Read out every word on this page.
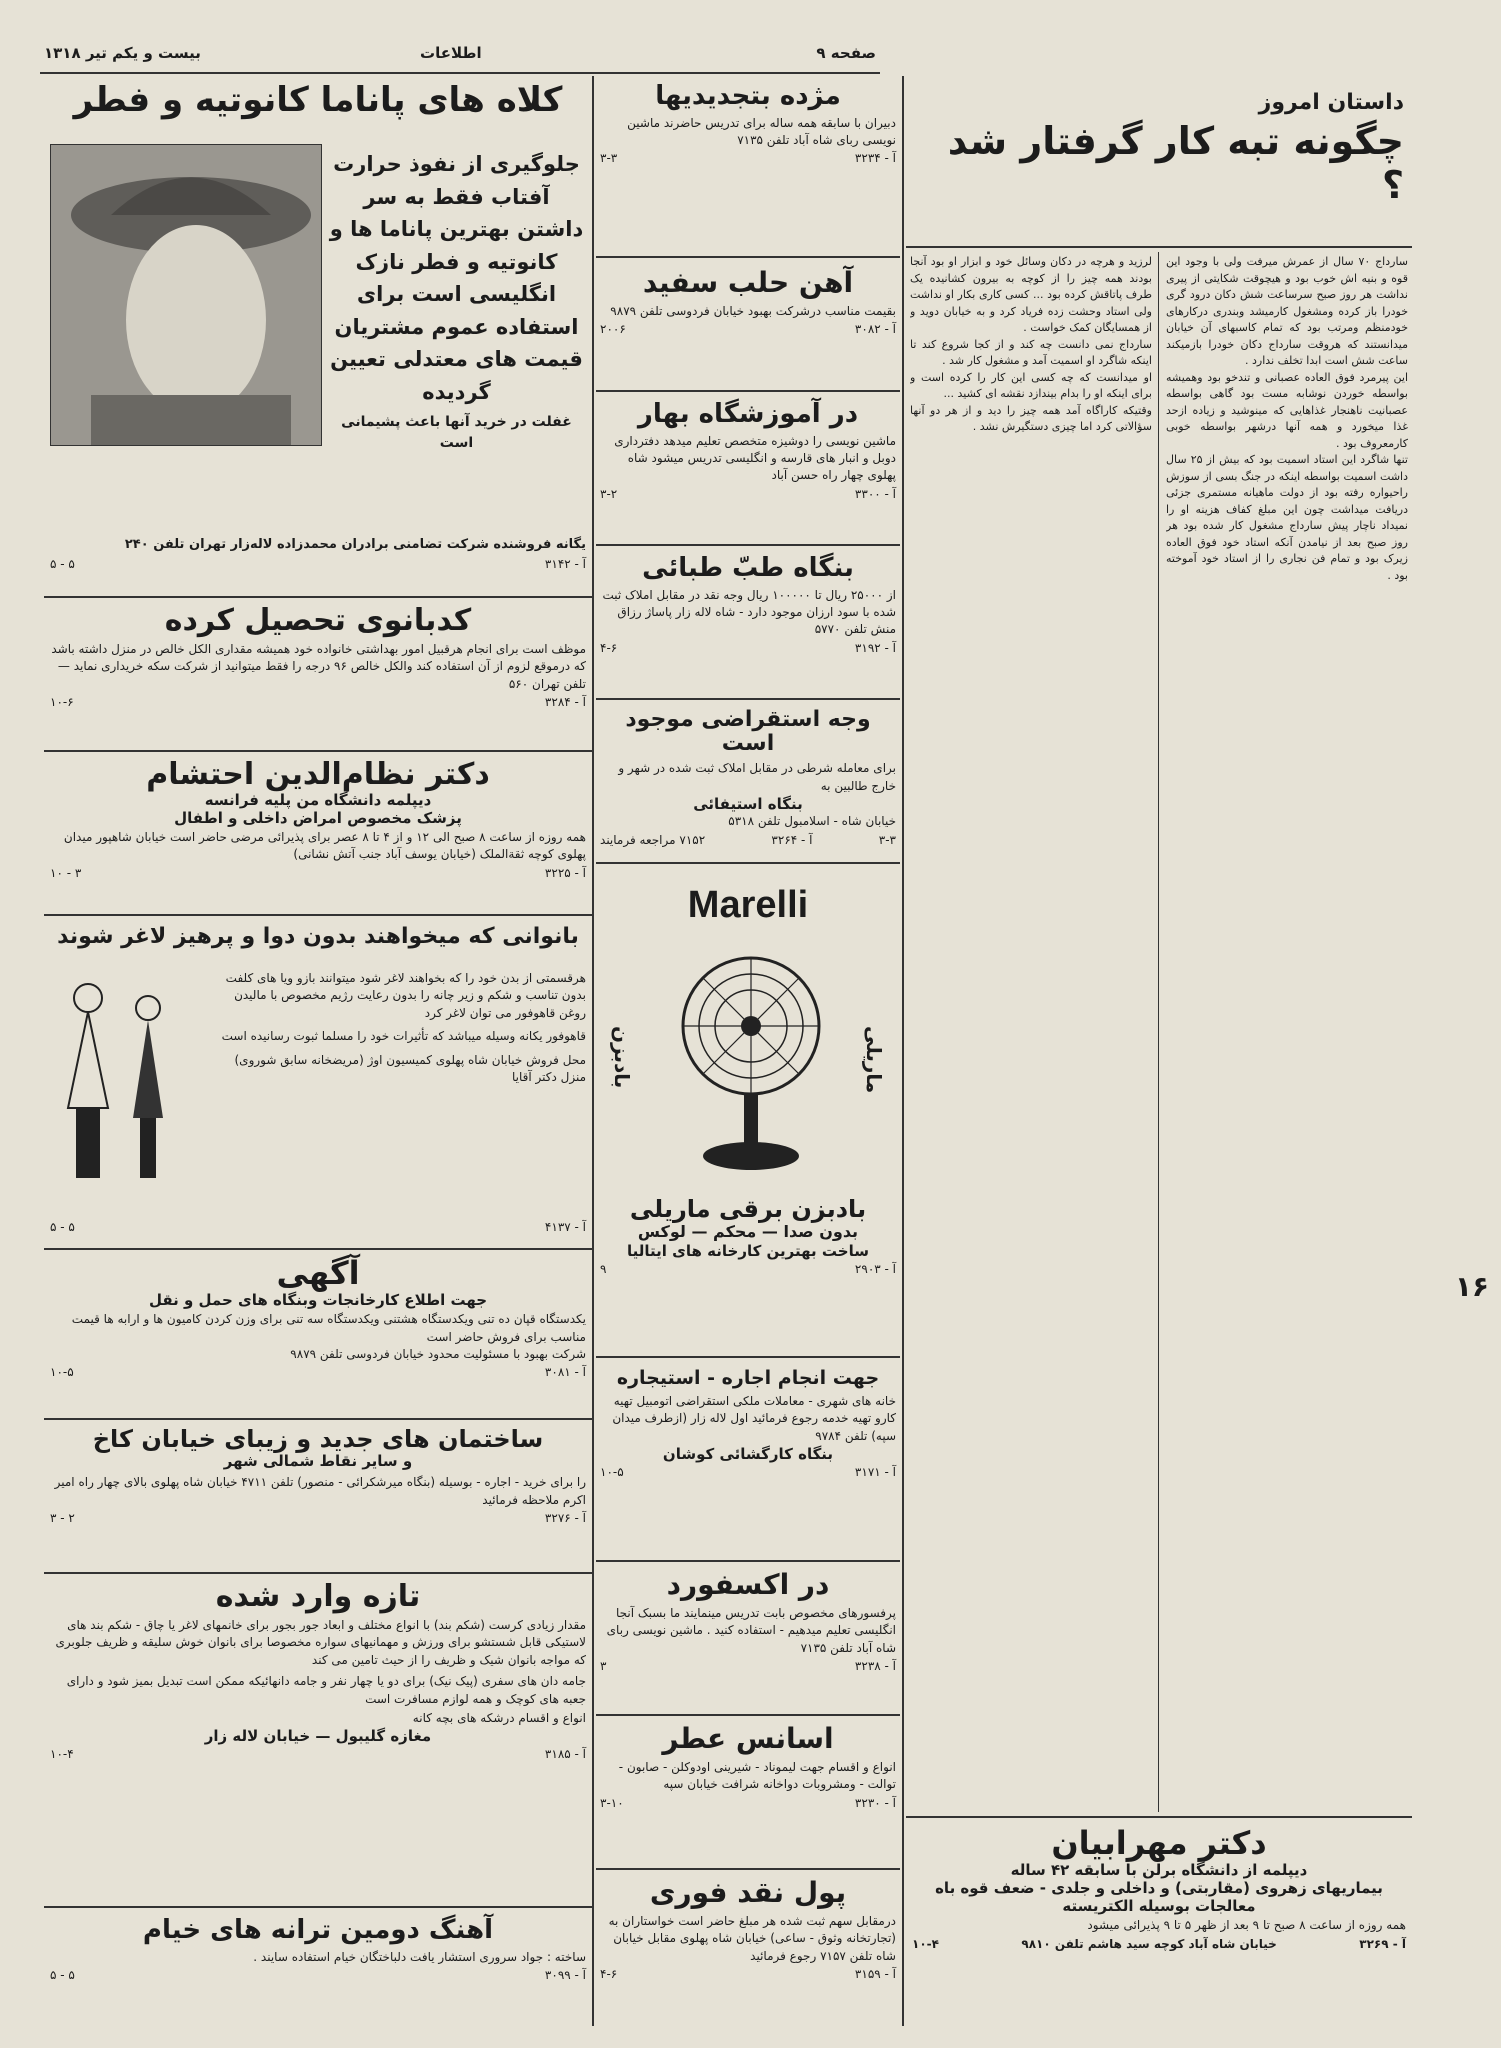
بیست و یکم تیر ۱۳۱۸	اطلاعات	صفحه ۹
کلاه های پاناما کانوتیه و فطر
جلوگیری از نفوذ حرارت آفتاب فقط به سر داشتن بهترین پاناما ها و کانوتیه و فطر نازک انگلیسی است برای استفاده عموم مشتریان قیمت های معتدلی تعیین گردیده
غفلت در خرید آنها باعث پشیمانی است
یگانه فروشنده شرکت تضامنی برادران محمدزاده لاله‌زار تهران تلفن ۲۴۰
آ - ۳۱۴۲
۵ - ۵
کدبانوی تحصیل کرده
موظف است برای انجام هرقبیل امور بهداشتی خانواده خود همیشه مقداری الکل خالص در منزل داشته باشد که درموقع لزوم از آن استفاده کند والکل خالص ۹۶ درجه را فقط میتوانید از شرکت سکه خریداری نماید — تلفن تهران ۵۶۰
آ - ۳۲۸۴
۱۰-۶
دکتر نظام‌الدین احتشام
دیپلمه دانشگاه من پلیه فرانسه
پزشک مخصوص امراض داخلی و اطفال
همه روزه از ساعت ۸ صبح الی ۱۲ و از ۴ تا ۸ عصر برای پذیرائی مرضی حاضر است خیابان شاهپور میدان پهلوی کوچه ثقةالملک (خیابان یوسف آباد جنب آتش نشانی)
آ - ۳۲۲۵
۳ - ۱۰
بانوانی که میخواهند بدون دوا و پرهیز لاغر شوند
هرقسمتی از بدن خود را که بخواهند لاغر شود میتوانند بازو ویا های کلفت بدون تناسب و شکم و زیر چانه را بدون رعایت رژیم مخصوص با مالیدن روغن قاهوفور می توان لاغر کرد
قاهوفور یکانه وسیله میباشد که تأثیرات خود را مسلما ثبوت رسانیده است
محل فروش خیابان شاه پهلوی کمیسیون اوژ (مریضخانه سابق شوروی) منزل دکتر آقایا
آ - ۴۱۳۷
۵ - ۵
آگهی
جهت اطلاع کارخانجات وبنگاه های حمل و نقل
یکدستگاه قپان ده تنی ویکدستگاه هشتنی ویکدستگاه سه تنی برای وزن کردن کامیون ها و ارابه ها قیمت مناسب برای فروش حاضر است
شرکت بهبود با مسئولیت محدود خیابان فردوسی تلفن ۹۸۷۹
آ - ۳۰۸۱
۱۰-۵
ساختمان های جدید و زیبای خیابان کاخ
و سایر نقاط شمالی شهر
را برای خرید - اجاره - بوسیله (بنگاه میرشکرائی - منصور) تلفن ۴۷۱۱ خیابان شاه پهلوی بالای چهار راه امیر اکرم ملاحظه فرمائید
آ - ۳۲۷۶
۲ - ۳
تازه وارد شده
مقدار زیادی کرست (شکم بند) با انواع مختلف و ابعاد جور بجور برای خانمهای لاغر یا چاق - شکم بند های لاستیکی قابل شستشو برای ورزش و مهمانیهای سواره مخصوصا برای بانوان خوش سلیقه و ظریف جلوبری که مواجه بانوان شیک و ظریف را از حیث تامین می کند
جامه دان های سفری (پیک نیک) برای دو یا چهار نفر و جامه دانهائیکه ممکن است تبدیل بمیز شود و دارای جعبه های کوچک و همه لوازم مسافرت است
انواع و اقسام درشکه های بچه کانه
مغازه گلیبول — خیابان لاله زار
آ - ۳۱۸۵
۱۰-۴
آهنگ دومین ترانه های خیام
ساخته : جواد سروری استشار یافت دلباختگان خیام استفاده سایند .
آ - ۳۰۹۹
۵ - ۵
مژده بتجدیدیها
دبیران با سابقه همه ساله برای تدریس حاضرند ماشین نویسی ربای شاه آباد تلفن ۷۱۳۵
آ - ۳۲۳۴
۳-۳
آهن حلب سفید
بقیمت مناسب درشرکت بهبود خیابان فردوسی تلفن ۹۸۷۹
آ - ۳۰۸۲
۲۰۰۶
در آموزشگاه بهار
ماشین نویسی را دوشیزه متخصص تعلیم میدهد دفترداری دوبل و انبار های قارسه و انگلیسی تدریس میشود شاه پهلوی چهار راه حسن آباد
آ - ۳۳۰۰
۳-۲
بنگاه طبّ طبائی
از ۲۵۰۰۰ ریال تا ۱۰۰۰۰۰ ریال وجه نقد در مقابل املاک ثبت شده با سود ارزان موجود دارد - شاه لاله زار پاساژ رزاق منش تلفن ۵۷۷۰
آ - ۳۱۹۲
۴-۶
وجه استقراضی موجود است
برای معامله شرطی در مقابل املاک ثبت شده در شهر و خارج طالبین به
بنگاه استیفائی
خیابان شاه - اسلامبول تلفن ۵۳۱۸
۳-۳
آ - ۳۲۶۴
۷۱۵۲ مراجعه فرمایند
Marelli
بادبزن	ماریلی
بادبزن برقی ماریلی
بدون صدا — محکم — لوکس
ساخت بهترین کارخانه های ایتالیا
آ - ۲۹۰۳
۹
جهت انجام اجاره - استیجاره
خانه های شهری - معاملات ملکی استقراضی اتومبیل تهیه کارو تهیه خدمه رجوع فرمائید اول لاله زار (ازطرف میدان سپه) تلفن ۹۷۸۴
بنگاه کارگشائی کوشان
آ - ۳۱۷۱
۱۰-۵
در اکسفورد
پرفسورهای مخصوص بابت تدریس مینمایند ما بسبک آنجا انگلیسی تعلیم میدهیم - استفاده کنید . ماشین نویسی ربای شاه آباد تلفن ۷۱۳۵
آ - ۳۲۳۸
۳
اسانس عطر
انواع و اقسام جهت لیموناد - شیرینی اودوکلن - صابون - توالت - ومشروبات دواخانه شرافت خیابان سپه
آ - ۳۲۳۰
۳-۱۰
پول نقد فوری
درمقابل سهم ثبت شده هر مبلغ حاضر است خواستاران به (تجارتخانه وثوق - ساعی) خیابان شاه پهلوی مقابل خیابان شاه تلفن ۷۱۵۷ رجوع فرمائید
آ - ۳۱۵۹
۴-۶
داستان امروز
چگونه تبه کار گرفتار شد ؟
سارداج ۷۰ سال از عمرش میرفت ولی با وجود این قوه و بنیه اش خوب بود و هیچوقت شکایتی از پیری نداشت هر روز صبح سرساعت شش دکان درود گری خودرا باز کرده ومشغول کارمیشد وبندری درکارهای خودمنظم ومرتب بود که تمام کاسبهای آن خیابان میدانستند که هروقت سارداج دکان خودرا بازمیکند ساعت شش است ابدا تخلف ندارد .
این پیرمرد فوق العاده عصبانی و تندخو بود وهمیشه بواسطه خوردن نوشابه مست بود گاهی بواسطه عصبانیت ناهنجار غذاهایی که مینوشید و زیاده ازحد غذا میخورد و همه آنها درشهر بواسطه خوبی کارمعروف بود .
تنها شاگرد این استاد اسمیت بود که بیش از ۲۵ سال داشت اسمیت بواسطه اینکه در جنگ بسی از سوزش راحیواره رفته بود از دولت ماهیانه مستمری جزئی دریافت میداشت چون این مبلغ کفاف هزینه او را نمیداد ناچار پیش سارداج مشغول کار شده بود هر روز صبح بعد از نیامدن آنکه استاد خود فوق العاده زیرک بود و تمام فن نجاری را از استاد خود آموخته بود .
لرزید و هرچه در دکان وسائل خود و ابزار او بود آنجا بودند همه چیز را از کوچه به بیرون کشانیده یک طرف پاتاقش کرده بود ... کسی کاری بکار او نداشت ولی استاد وحشت زده فریاد کرد و به خیابان دوید و از همسایگان کمک خواست .
سارداج نمی دانست چه کند و از کجا شروع کند تا اینکه شاگرد او اسمیت آمد و مشغول کار شد .
او میدانست که چه کسی این کار را کرده است و برای اینکه او را بدام بیندازد نقشه ای کشید ...
وقتیکه کاراگاه آمد همه چیز را دید و از هر دو آنها سؤالاتی کرد اما چیزی دستگیرش نشد .
دکتر مهرابیان
دیپلمه از دانشگاه برلن با سابقه ۴۲ ساله
بیماریهای زهروی (مقاربتی) و داخلی و جلدی - ضعف قوه باه
معالجات بوسیله الکتریسته
همه روزه از ساعت ۸ صبح تا ۹ بعد از ظهر ۵ تا ۹ پذیرائی میشود
آ - ۳۲۶۹
خیابان شاه آباد کوچه سید هاشم تلفن ۹۸۱۰
۱۰-۴
۱۶
